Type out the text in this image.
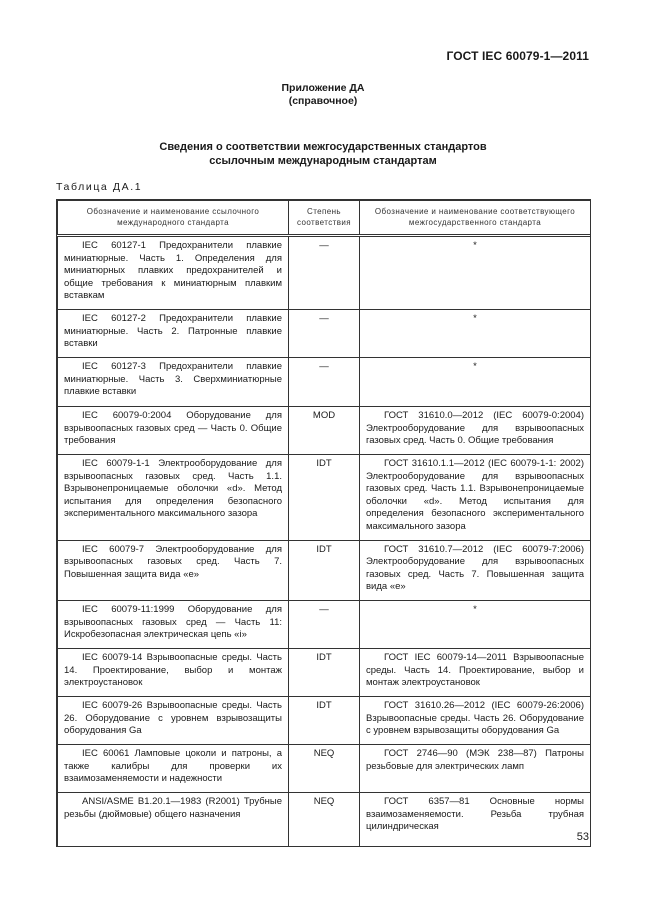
ГОСТ IEC 60079-1—2011
Приложение ДА
(справочное)
Сведения о соответствии межгосударственных стандартов
ссылочным международным стандартам
Таблица ДА.1
Обозначение и наименование ссылочного международного стандарта	Степень соответствия	Обозначение и наименование соответствующего межгосударственного стандарта
IEC 60127-1 Предохранители плавкие миниатюрные. Часть 1. Определения для миниатюрных плавких предохранителей и общие требования к миниатюрным плавким вставкам	—	*
IEC 60127-2 Предохранители плавкие миниатюрные. Часть 2. Патронные плавкие вставки	—	*
IEC 60127-3 Предохранители плавкие миниатюрные. Часть 3. Сверхминиатюрные плавкие вставки	—	*
IEC 60079-0:2004 Оборудование для взрывоопасных газовых сред — Часть 0. Общие требования	MOD	ГОСТ 31610.0—2012 (IEC 60079-0:2004) Электрооборудование для взрывоопасных газовых сред. Часть 0. Общие требования
IEC 60079-1-1 Электрооборудование для взрывоопасных газовых сред. Часть 1.1. Взрывонепроницаемые оболочки «d». Метод испытания для определения безопасного экспериментального максимального зазора	IDT	ГОСТ 31610.1.1—2012 (IEC 60079-1-1: 2002) Электрооборудование для взрывоопасных газовых сред. Часть 1.1. Взрывонепроницаемые оболочки «d». Метод испытания для определения безопасного экспериментального максимального зазора
IEC 60079-7 Электрооборудование для взрывоопасных газовых сред. Часть 7. Повышенная защита вида «е»	IDT	ГОСТ 31610.7—2012 (IEC 60079-7:2006) Электрооборудование для взрывоопасных газовых сред. Часть 7. Повышенная защита вида «е»
IEC 60079-11:1999 Оборудование для взрывоопасных газовых сред — Часть 11: Искробезопасная электрическая цепь «i»	—	*
IEC 60079-14 Взрывоопасные среды. Часть 14. Проектирование, выбор и монтаж электроустановок	IDT	ГОСТ IEC 60079-14—2011 Взрывоопасные среды. Часть 14. Проектирование, выбор и монтаж электроустановок
IEC 60079-26 Взрывоопасные среды. Часть 26. Оборудование с уровнем взрывозащиты оборудования Ga	IDT	ГОСТ 31610.26—2012 (IEC 60079-26:2006) Взрывоопасные среды. Часть 26. Оборудование с уровнем взрывозащиты оборудования Ga
IEC 60061 Ламповые цоколи и патроны, а также калибры для проверки их взаимозаменяемости и надежности	NEQ	ГОСТ 2746—90 (МЭК 238—87) Патроны резьбовые для электрических ламп
ANSI/ASME B1.20.1—1983 (R2001) Трубные резьбы (дюймовые) общего назначения	NEQ	ГОСТ 6357—81 Основные нормы взаимозаменяемости. Резьба трубная цилиндрическая
53
